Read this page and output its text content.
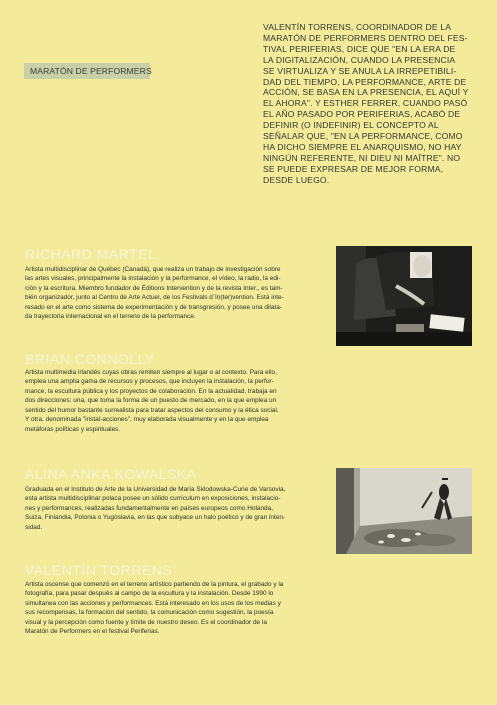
MARATÓN DE PERFORMERS

VALENTÍN TORRENS, COORDINADOR DE LA
MARATÓN DE PERFORMERS DENTRO DEL FES-
TIVAL PERIFERIAS, DICE QUE "EN LA ERA DE
LA DIGITALIZACIÓN, CUANDO LA PRESENCIA
SE VIRTUALIZA Y SE ANULA LA IRREPETIBILI-
DAD DEL TIEMPO, LA PERFORMANCE, ARTE DE
ACCIÓN, SE BASA EN LA PRESENCIA, EL AQUÍ Y
EL AHORA". Y ESTHER FERRER, CUANDO PASÓ
EL AÑO PASADO POR PERIFERIAS, ACABÓ DE
DEFINIR (O INDEFINIR) EL CONCEPTO AL
SEÑALAR QUE, "EN LA PERFORMANCE, COMO
HA DICHO SIEMPRE EL ANARQUISMO, NO HAY
NINGÚN REFERENTE, NI DIEU NI MAÎTRE". NO
SE PUEDE EXPRESAR DE MEJOR FORMA,
DESDE LUEGO.

RICHARD MARTEL

Artista multidisciplinar de Québec (Canadá), que realiza un trabajo de investigación sobre
las artes visuales, principalmente la instalación y la performance, el vídeo, la radio, la edi-
ción y la escritura. Miembro fundador de Éditions Intervention y de la revista Inter., es tam-
bién organizador, junto al Centro de Arte Actuel, de los Festivals d´In(ter)vention. Está inte-
resado en el arte como sistema de experimentación y de transgresión, y posee una dilata-
da trayectoria internacional en el terreno de la performance.

BRIAN CONNOLLY

Artista multimedia irlandés cuyas obras remiten siempre al lugar o al contexto. Para ello,
emplea una amplia gama de recursos y procesos, que incluyen la instalación, la perfor-
mance, la escultura pública y los proyectos de colaboración. En la actualidad, trabaja en
dos direcciones: una, que toma la forma de un puesto de mercado, en la que emplea un
sentido del humor bastante surrealista para tratar aspectos del consumo y la ética social.
Y otra, denominada "instal-acciones", muy elaborada visualmente y en la que emplea
metáforas políticas y espirituales.

ALINA ANKA KOWALSKA

Graduada en el Instituto de Arte de la Universidad de María Sklodowska-Curie de Varsovia,
esta artista multidisciplinar polaca posee un sólido currículum en exposiciones, instalacio-
nes y performances, realizadas fundamentalmente en países europeos como Holanda,
Suiza, Finlandia, Polonia o Yugoslavia, en las que subyace un halo poético y de gran inten-
sidad.

VALENTÍN TORRENS

Artista oscense que comenzó en el terreno artístico partiendo de la pintura, el grabado y la
fotografía, para pasar después al campo de la escultura y la instalación. Desde 1990 lo
simultanea con las acciones y performances. Está interesado en los usos de los medias y
sus recompensas, la formación del sentido, la comunicación como sugestión, la poesía
visual y la percepción como fuente y límite de nuestro deseo. Es el coordinador de la
Maratón de Performers en el festival Periferias.
